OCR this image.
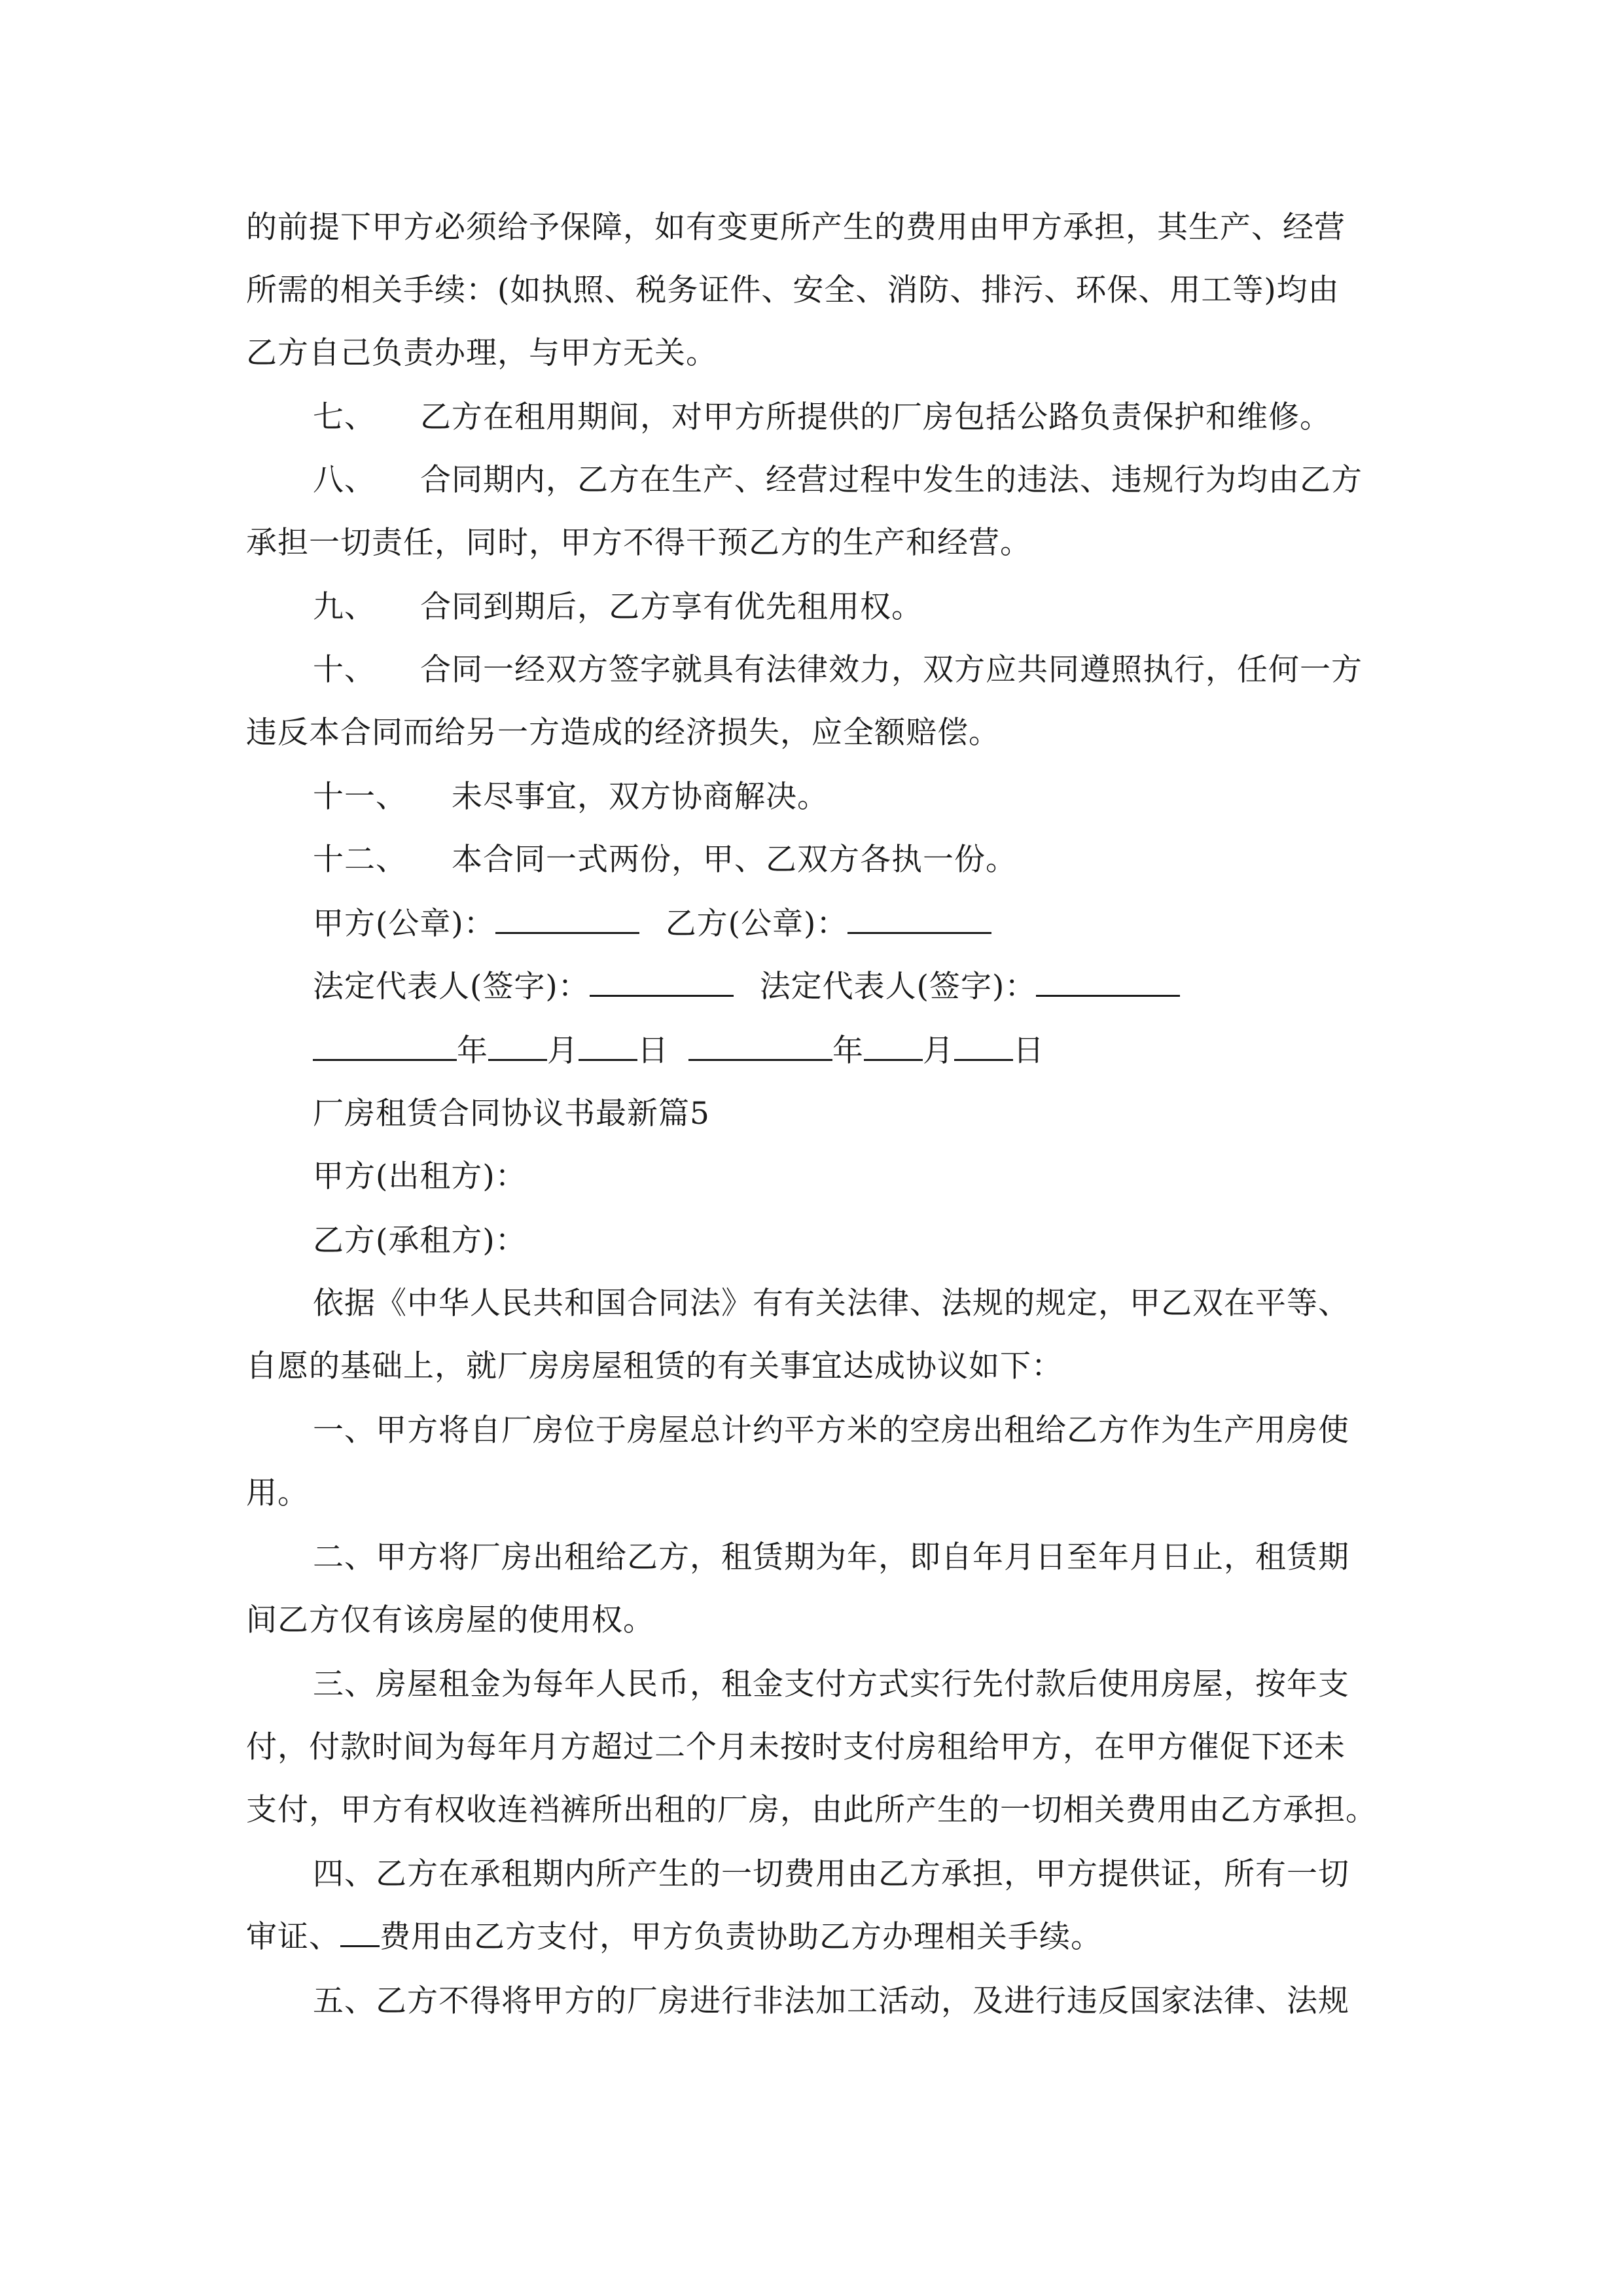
的前提下甲方必须给予保障，如有变更所产生的费用由甲方承担，其生产、经营
所需的相关手续：(如执照、税务证件、安全、消防、排污、环保、用工等)均由
乙方自己负责办理，与甲方无关。
七、 乙方在租用期间，对甲方所提供的厂房包括公路负责保护和维修。
八、 合同期内，乙方在生产、经营过程中发生的违法、违规行为均由乙方
承担一切责任，同时，甲方不得干预乙方的生产和经营。
九、 合同到期后，乙方享有优先租用权。
十、 合同一经双方签字就具有法律效力，双方应共同遵照执行，任何一方
违反本合同而给另一方造成的经济损失，应全额赔偿。
十一、 未尽事宜，双方协商解决。
十二、 本合同一式两份，甲、乙双方各执一份。
甲方(公章)：	乙方(公章)：
法定代表人(签字)：	法定代表人(签字)：
年 月 日	年 月 日
厂房租赁合同协议书最新篇5
甲方(出租方)：
乙方(承租方)：
依据《中华人民共和国合同法》有有关法律、法规的规定，甲乙双在平等、
自愿的基础上，就厂房房屋租赁的有关事宜达成协议如下：
一、甲方将自厂房位于房屋总计约平方米的空房出租给乙方作为生产用房使
用。
二、甲方将厂房出租给乙方，租赁期为年，即自年月日至年月日止，租赁期
间乙方仅有该房屋的使用权。
三、房屋租金为每年人民币，租金支付方式实行先付款后使用房屋，按年支
付，付款时间为每年月方超过二个月未按时支付房租给甲方，在甲方催促下还未
支付，甲方有权收连裆裤所出租的厂房，由此所产生的一切相关费用由乙方承担。
四、乙方在承租期内所产生的一切费用由乙方承担，甲方提供证，所有一切
审证、 费用由乙方支付，甲方负责协助乙方办理相关手续。
五、乙方不得将甲方的厂房进行非法加工活动，及进行违反国家法律、法规
